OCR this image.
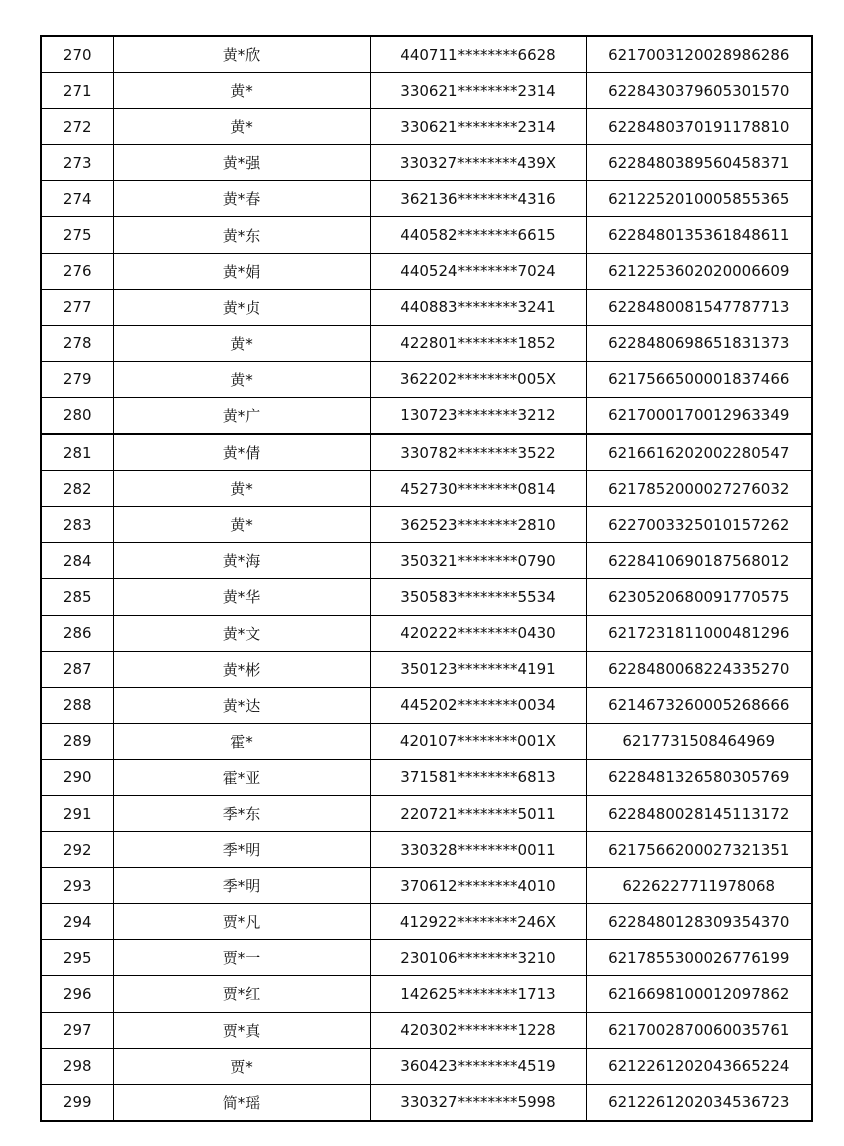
270	黄*欣	440711********6628	6217003120028986286
271	黄*	330621********2314	6228430379605301570
272	黄*	330621********2314	6228480370191178810
273	黄*强	330327********439X	6228480389560458371
274	黄*春	362136********4316	6212252010005855365
275	黄*东	440582********6615	6228480135361848611
276	黄*娟	440524********7024	6212253602020006609
277	黄*贞	440883********3241	6228480081547787713
278	黄*	422801********1852	6228480698651831373
279	黄*	362202********005X	6217566500001837466
280	黄*广	130723********3212	6217000170012963349
281	黄*倩	330782********3522	6216616202002280547
282	黄*	452730********0814	6217852000027276032
283	黄*	362523********2810	6227003325010157262
284	黄*海	350321********0790	6228410690187568012
285	黄*华	350583********5534	6230520680091770575
286	黄*文	420222********0430	6217231811000481296
287	黄*彬	350123********4191	6228480068224335270
288	黄*达	445202********0034	6214673260005268666
289	霍*	420107********001X	6217731508464969
290	霍*亚	371581********6813	6228481326580305769
291	季*东	220721********5011	6228480028145113172
292	季*明	330328********0011	6217566200027321351
293	季*明	370612********4010	6226227711978068
294	贾*凡	412922********246X	6228480128309354370
295	贾*一	230106********3210	6217855300026776199
296	贾*红	142625********1713	6216698100012097862
297	贾*真	420302********1228	6217002870060035761
298	贾*	360423********4519	6212261202043665224
299	简*瑶	330327********5998	6212261202034536723
